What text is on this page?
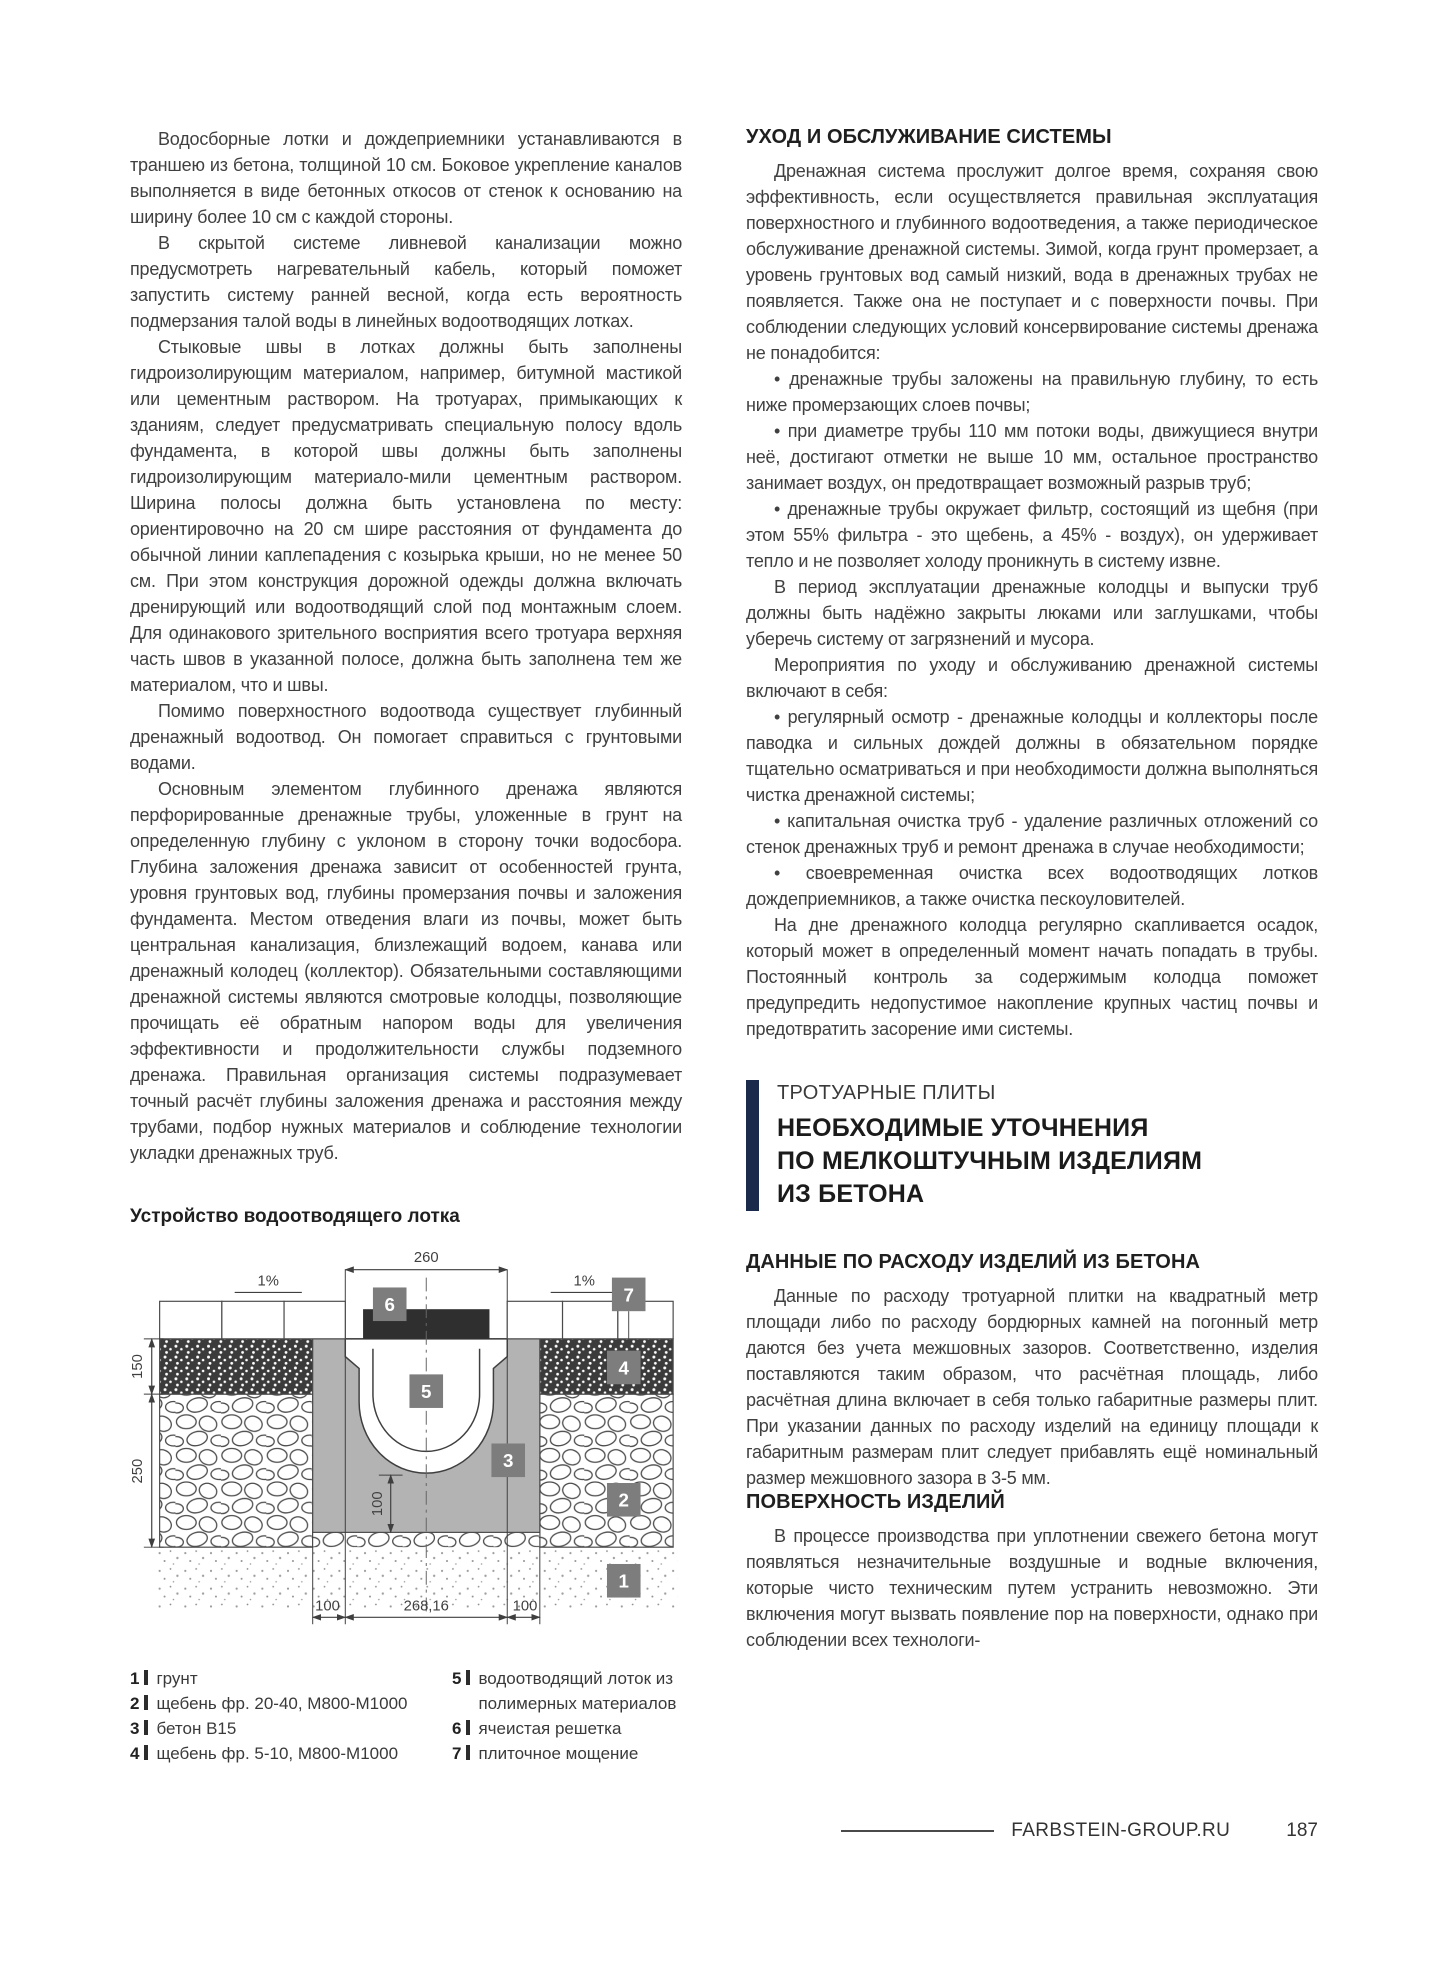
Водосборные лотки и дождеприемники устанавливаются в траншею из бетона, толщиной 10 см. Боковое укрепление каналов выполняется в виде бетонных откосов от стенок к основанию на ширину более 10 см с каждой стороны.

В скрытой системе ливневой канализации можно предусмотреть нагревательный кабель, который поможет запустить систему ранней весной, когда есть вероятность подмерзания талой воды в линейных водоотводящих лотках.

Стыковые швы в лотках должны быть заполнены гидроизолирующим материалом, например, битумной мастикой или цементным раствором. На тротуарах, примыкающих к зданиям, следует предусматривать специальную полосу вдоль фундамента, в которой швы должны быть заполнены гидроизолирующим материало-мили цементным раствором. Ширина полосы должна быть установлена по месту: ориентировочно на 20 см шире расстояния от фундамента до обычной линии каплепадения с козырька крыши, но не менее 50 см. При этом конструкция дорожной одежды должна включать дренирующий или водоотводящий слой под монтажным слоем. Для одинакового зрительного восприятия всего тротуара верхняя часть швов в указанной полосе, должна быть заполнена тем же материалом, что и швы.

Помимо поверхностного водоотвода существует глубинный дренажный водоотвод. Он помогает справиться с грунтовыми водами.

Основным элементом глубинного дренажа являются перфорированные дренажные трубы, уложенные в грунт на определенную глубину с уклоном в сторону точки водосбора. Глубина заложения дренажа зависит от особенностей грунта, уровня грунтовых вод, глубины промерзания почвы и заложения фундамента. Местом отведения влаги из почвы, может быть центральная канализация, близлежащий водоем, канава или дренажный колодец (коллектор). Обязательными составляющими дренажной системы являются смотровые колодцы, позволяющие прочищать её обратным напором воды для увеличения эффективности и продолжительности службы подземного дренажа. Правильная организация системы подразумевает точный расчёт глубины заложения дренажа и расстояния между трубами, подбор нужных материалов и соблюдение технологии укладки дренажных труб.

Устройство водоотводящего лотка
260
1%	1%
150
250
100
100	268,16	100
6	7
4
5
3
2
1
1 грунт
2 щебень фр. 20-40, М800-М1000
3 бетон В15
4 щебень фр. 5-10, М800-М1000
5 водоотводящий лоток из полимерных материалов
6 ячеистая решетка
7 плиточное мощение
УХОД И ОБСЛУЖИВАНИЕ СИСТЕМЫ

Дренажная система прослужит долгое время, сохраняя свою эффективность, если осуществляется правильная эксплуатация поверхностного и глубинного водоотведения, а также периодическое обслуживание дренажной системы. Зимой, когда грунт промерзает, а уровень грунтовых вод самый низкий, вода в дренажных трубах не появляется. Также она не поступает и с поверхности почвы. При соблюдении следующих условий консервирование системы дренажа не понадобится:

• дренажные трубы заложены на правильную глубину, то есть ниже промерзающих слоев почвы;

• при диаметре трубы 110 мм потоки воды, движущиеся внутри неё, достигают отметки не выше 10 мм, остальное пространство занимает воздух, он предотвращает возможный разрыв труб;

• дренажные трубы окружает фильтр, состоящий из щебня (при этом 55% фильтра - это щебень, а 45% - воздух), он удерживает тепло и не позволяет холоду проникнуть в систему извне.

В период эксплуатации дренажные колодцы и выпуски труб должны быть надёжно закрыты люками или заглушками, чтобы уберечь систему от загрязнений и мусора.

Мероприятия по уходу и обслуживанию дренажной системы включают в себя:

• регулярный осмотр - дренажные колодцы и коллекторы после паводка и сильных дождей должны в обязательном порядке тщательно осматриваться и при необходимости должна выполняться чистка дренажной системы;

• капитальная очистка труб - удаление различных отложений со стенок дренажных труб и ремонт дренажа в случае необходимости;

• своевременная очистка всех водоотводящих лотков дождеприемников, а также очистка пескоуловителей.

На дне дренажного колодца регулярно скапливается осадок, который может в определенный момент начать попадать в трубы. Постоянный контроль за содержимым колодца поможет предупредить недопустимое накопление крупных частиц почвы и предотвратить засорение ими системы.

ТРОТУАРНЫЕ ПЛИТЫ
НЕОБХОДИМЫЕ УТОЧНЕНИЯ
ПО МЕЛКОШТУЧНЫМ ИЗДЕЛИЯМ
ИЗ БЕТОНА
ДАННЫЕ ПО РАСХОДУ ИЗДЕЛИЙ ИЗ БЕТОНА

Данные по расходу тротуарной плитки на квадратный метр площади либо по расходу бордюрных камней на погонный метр даются без учета межшовных зазоров. Соответственно, изделия поставляются таким образом, что расчётная площадь, либо расчётная длина включает в себя только габаритные размеры плит. При указании данных по расходу изделий на единицу площади к габаритным размерам плит следует прибавлять ещё номинальный размер межшовного зазора в 3-5 мм.

ПОВЕРХНОСТЬ ИЗДЕЛИЙ

В процессе производства при уплотнении свежего бетона могут появляться незначительные воздушные и водные включения, которые чисто техническим путем устранить невозможно. Эти включения могут вызвать появление пор на поверхности, однако при соблюдении всех технологи-

FARBSTEIN-GROUP.RU	187
